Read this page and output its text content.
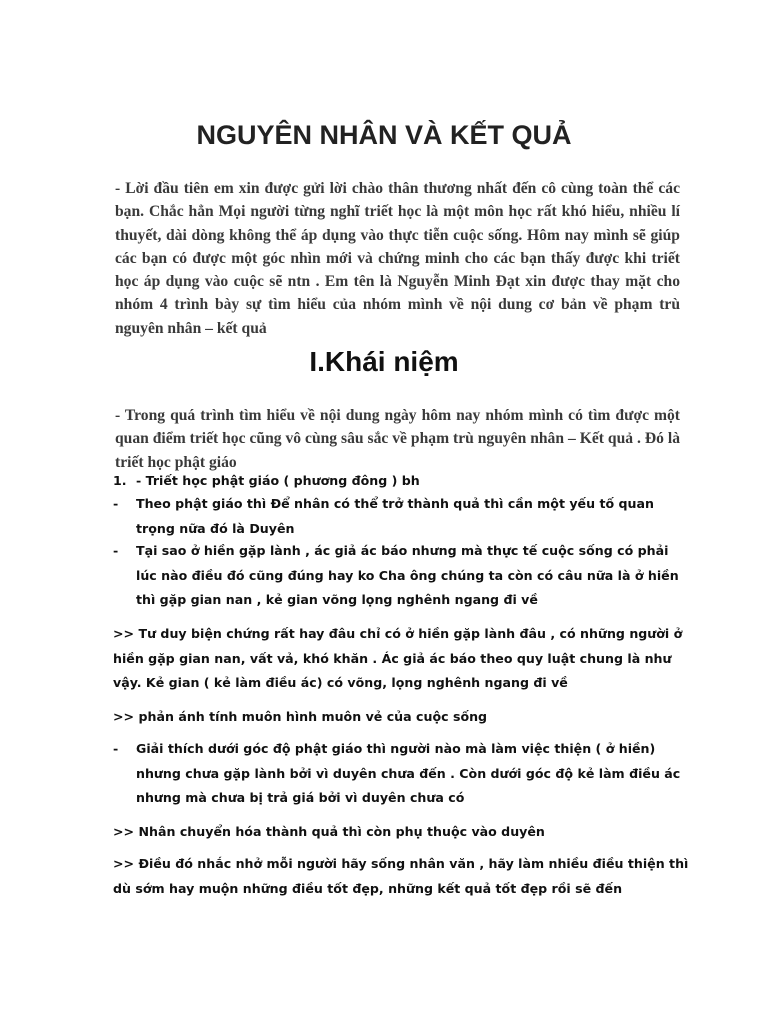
NGUYÊN NHÂN VÀ KẾT QUẢ

- Lời đầu tiên em xin được gửi lời chào thân thương nhất đến cô cùng toàn thể các bạn. Chắc hẳn Mọi người từng nghĩ triết học là một môn học rất khó hiểu, nhiều lí thuyết, dài dòng không thể áp dụng vào thực tiễn cuộc sống. Hôm nay mình sẽ giúp các bạn có được một góc nhìn mới và chứng minh cho các bạn thấy được khi triết học áp dụng vào cuộc sẽ ntn . Em tên là Nguyễn Minh Đạt xin được thay mặt cho nhóm 4 trình bày sự tìm hiểu của nhóm mình về nội dung cơ bản về phạm trù nguyên nhân – kết quả

I.Khái niệm

- Trong quá trình tìm hiểu về nội dung ngày hôm nay nhóm mình có tìm được một quan điểm triết học cũng vô cùng sâu sắc về phạm trù nguyên nhân – Kết quả . Đó là triết học phật giáo

1. - Triết học phật giáo ( phương đông ) bh
- Theo phật giáo thì Để nhân có thể trở thành quả thì cần một yếu tố quan trọng nữa đó là Duyên
- Tại sao ở hiền gặp lành , ác giả ác báo nhưng mà thực tế cuộc sống có phải lúc nào điều đó cũng đúng hay ko Cha ông chúng ta còn có câu nữa là ở hiền thì gặp gian nan , kẻ gian võng lọng nghênh ngang đi về

>> Tư duy biện chứng rất hay đâu chỉ có ở hiền gặp lành đâu , có những người ở hiền gặp gian nan, vất vả, khó khăn . Ác giả ác báo theo quy luật chung là như vậy. Kẻ gian ( kẻ làm điều ác) có võng, lọng nghênh ngang đi về

>> phản ánh tính muôn hình muôn vẻ của cuộc sống

- Giải thích dưới góc độ phật giáo thì người nào mà làm việc thiện ( ở hiền) nhưng chưa gặp lành bởi vì duyên chưa đến . Còn dưới góc độ kẻ làm điều ác nhưng mà chưa bị trả giá bởi vì duyên chưa có

>> Nhân chuyển hóa thành quả thì còn phụ thuộc vào duyên

>> Điều đó nhắc nhở mỗi người hãy sống nhân văn , hãy làm nhiều điều thiện thì dù sớm hay muộn những điều tốt đẹp, những kết quả tốt đẹp rồi sẽ đến
